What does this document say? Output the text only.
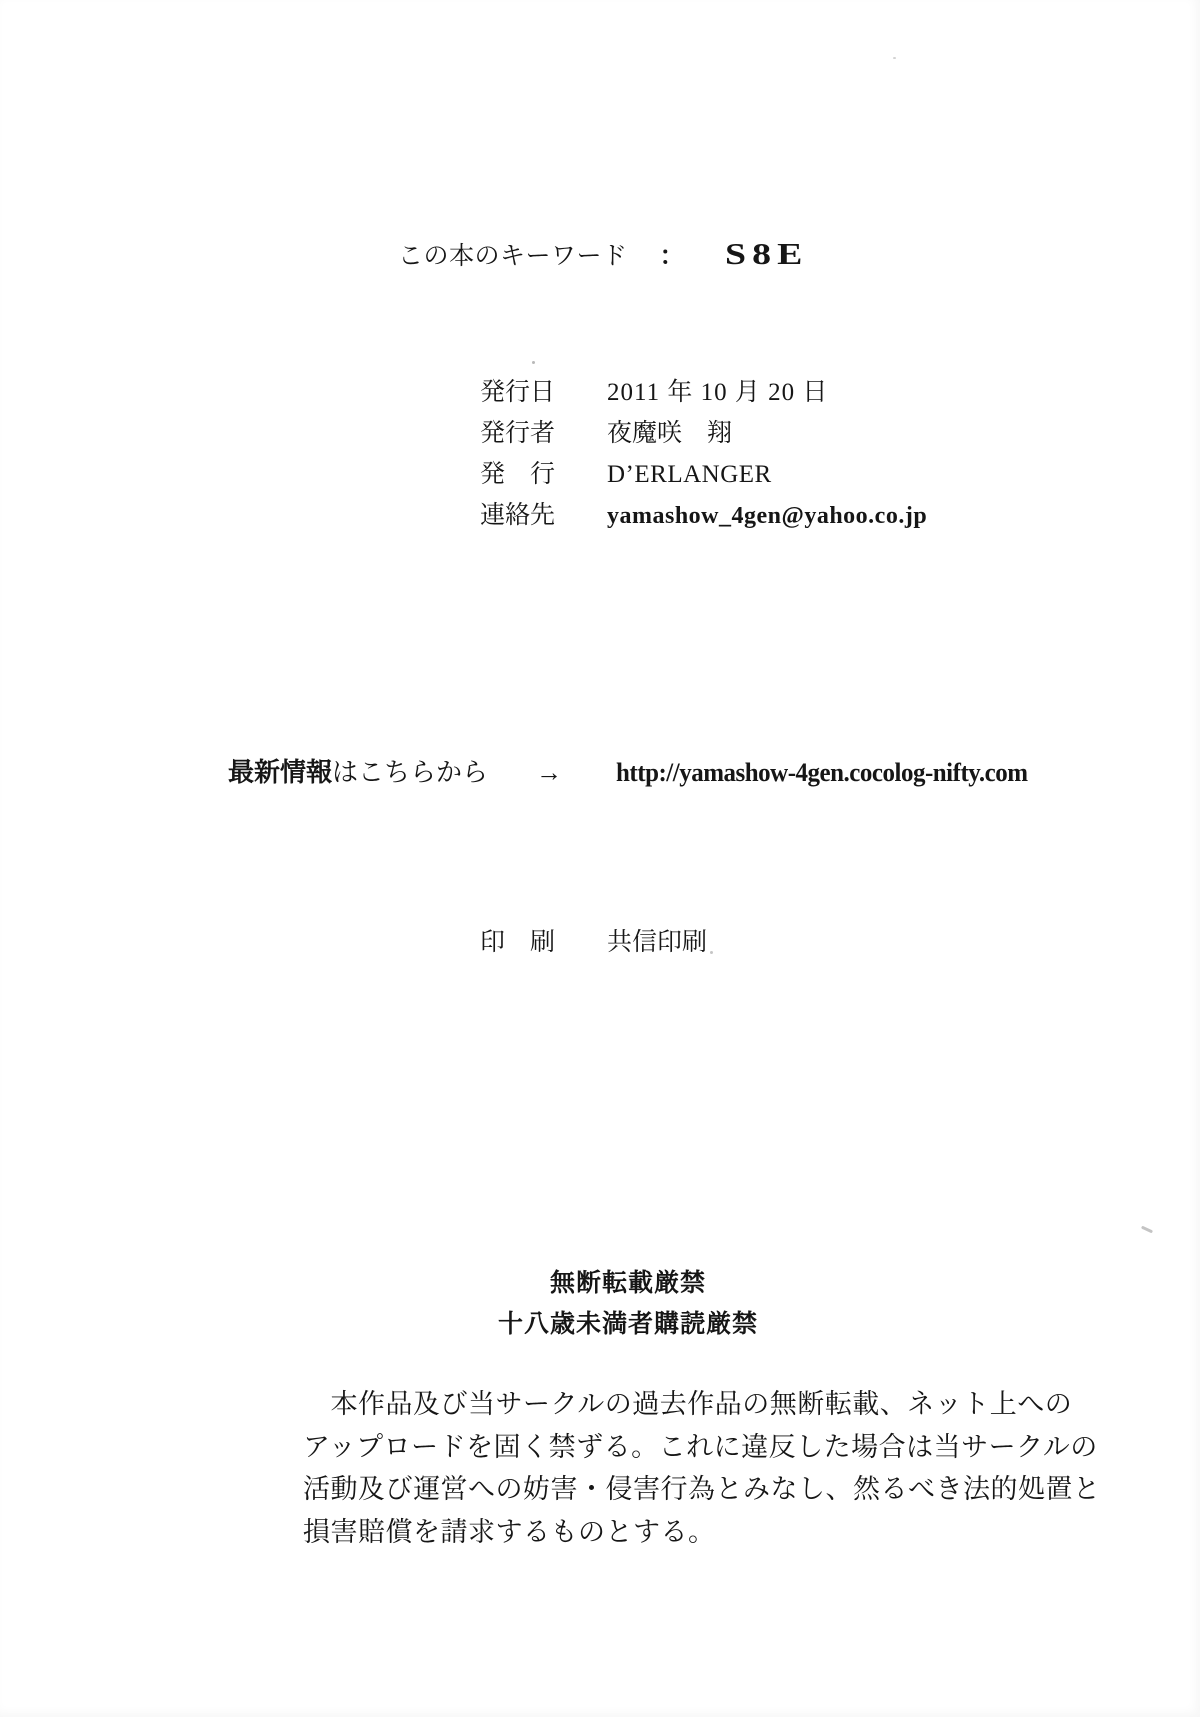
この本のキーワード ： S8E
発行日 2011 年 10 月 20 日
発行者 夜魔咲　翔
発　行 D’ERLANGER
連絡先 yamashow_4gen@yahoo.co.jp
最新情報 はこちらから → http://yamashow-4gen.cocolog-nifty.com
印　刷 共信印刷
無断転載厳禁
十八歳未満者購読厳禁
　本作品及び当サークルの過去作品の無断転載、ネット上への
アップロードを固く禁ずる。これに違反した場合は当サークルの
活動及び運営への妨害・侵害行為とみなし、然るべき法的処置と
損害賠償を請求するものとする。
